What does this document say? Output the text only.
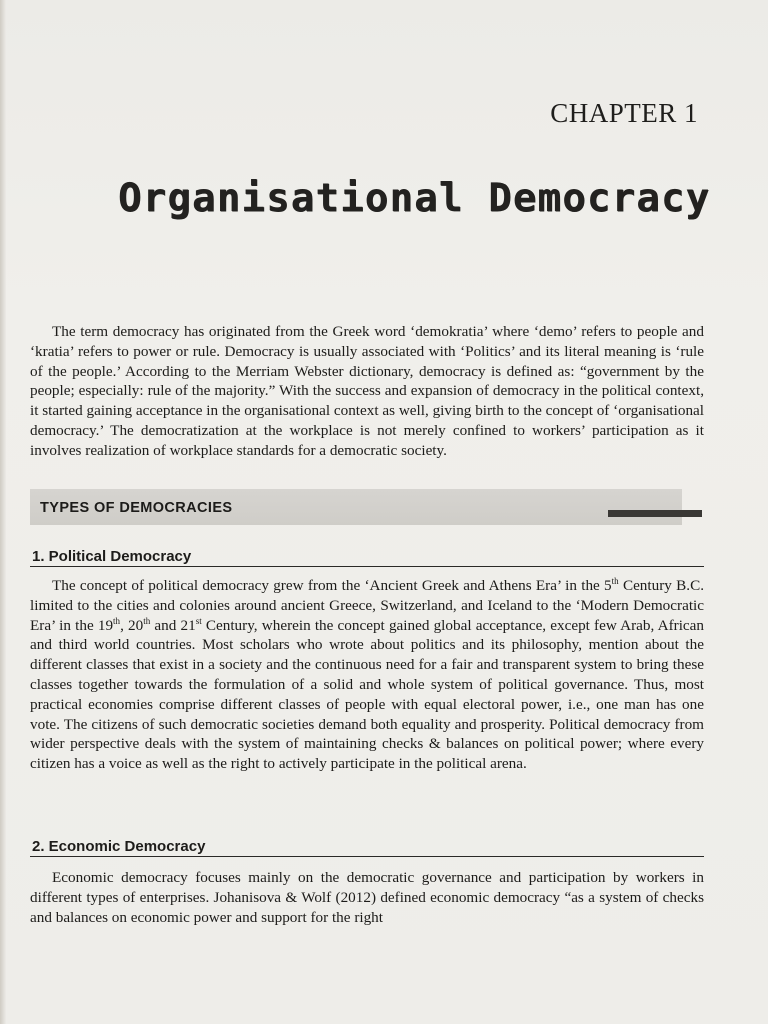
CHAPTER 1
Organisational Democracy

The term democracy has originated from the Greek word ‘demokratia’ where ‘demo’ refers to people and ‘kratia’ refers to power or rule. Democracy is usually associated with ‘Politics’ and its literal meaning is ‘rule of the people.’ According to the Merriam Webster dictionary, democracy is defined as: “government by the people; especially: rule of the majority.” With the success and expansion of democracy in the political context, it started gaining acceptance in the organisational context as well, giving birth to the concept of ‘organisational democracy.’ The democratization at the workplace is not merely confined to workers’ participation as it involves realization of workplace standards for a democratic society.

TYPES OF DEMOCRACIES
1. Political Democracy

The concept of political democracy grew from the ‘Ancient Greek and Athens Era’ in the 5th Century B.C. limited to the cities and colonies around ancient Greece, Switzerland, and Iceland to the ‘Modern Democratic Era’ in the 19th, 20th and 21st Century, wherein the concept gained global acceptance, except few Arab, African and third world countries. Most scholars who wrote about politics and its philosophy, mention about the different classes that exist in a society and the continuous need for a fair and transparent system to bring these classes together towards the formulation of a solid and whole system of political governance. Thus, most practical economies comprise different classes of people with equal electoral power, i.e., one man has one vote. The citizens of such democratic societies demand both equality and prosperity. Political democracy from wider perspective deals with the system of maintaining checks & balances on political power; where every citizen has a voice as well as the right to actively participate in the political arena.

2. Economic Democracy

Economic democracy focuses mainly on the democratic governance and participation by workers in different types of enterprises. Johanisova & Wolf (2012) defined economic democracy “as a system of checks and balances on economic power and support for the right
